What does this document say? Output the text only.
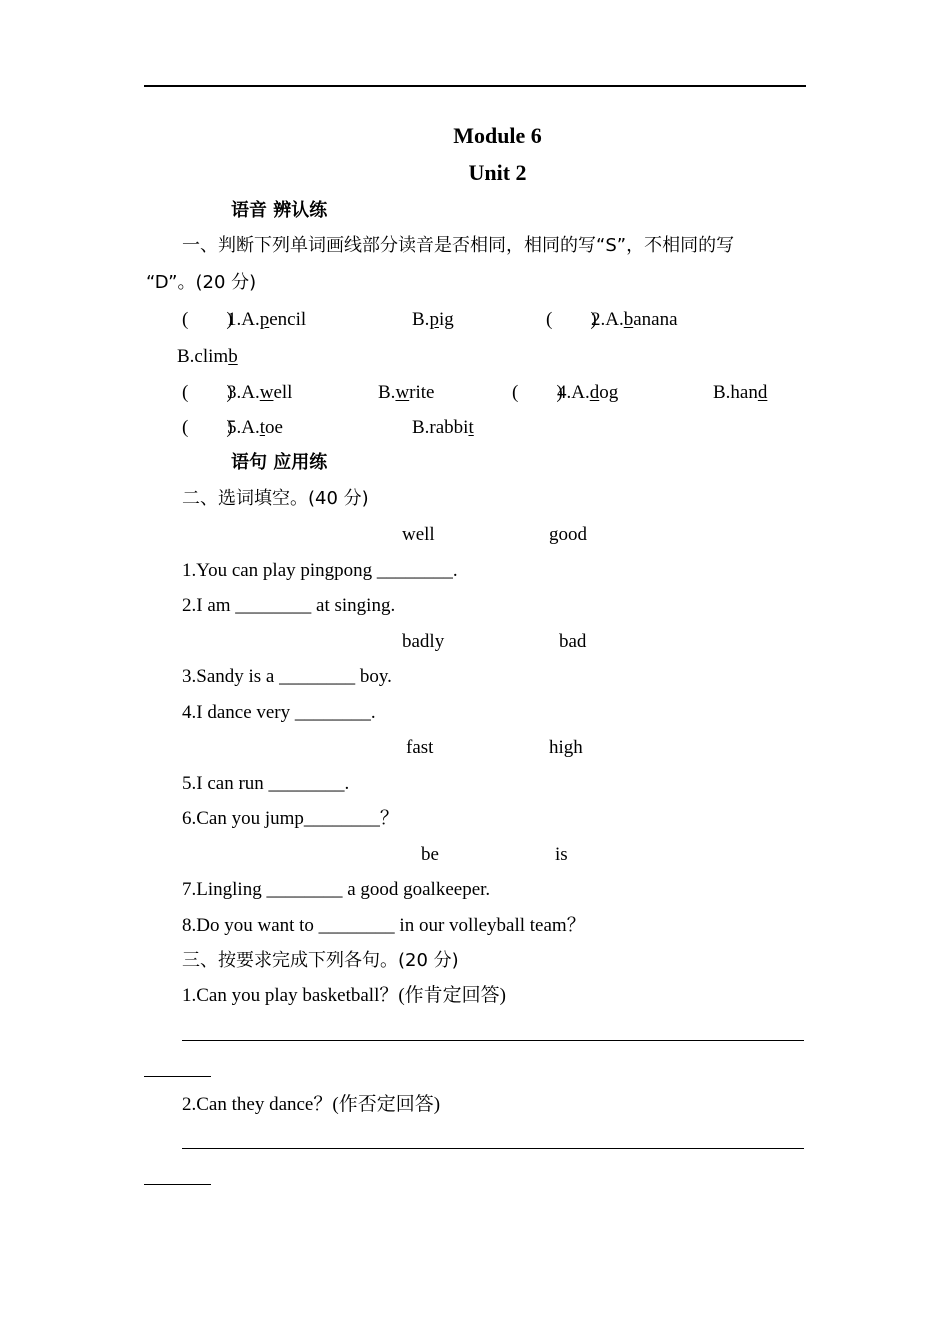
Module 6
Unit 2
语音 辨认练
一、判断下列单词画线部分读音是否相同，相同的写“S”，不相同的写
“D”。(20 分)
(　　)
1.A.pencil	B.pig	(　　)
2.A.banana
B.climb
(　　)
3.A.well	B.write	(　　)
4.A.dog	B.hand
(　　)
5.A.toe	B.rabbit
语句 应用练
二、选词填空。(40 分)
well	good
1.You can play pingpong ________.
2.I am ________ at singing.
badly	bad
3.Sandy is a ________ boy.
4.I dance very ________.
fast	high
5.I can run ________.
6.Can you jump________？
be	is
7.Lingling ________ a good goalkeeper.
8.Do you want to ________ in our volleyball team？
三、按要求完成下列各句。(20 分)
1.Can you play basketball？(作肯定回答)
2.Can they dance？(作否定回答)
